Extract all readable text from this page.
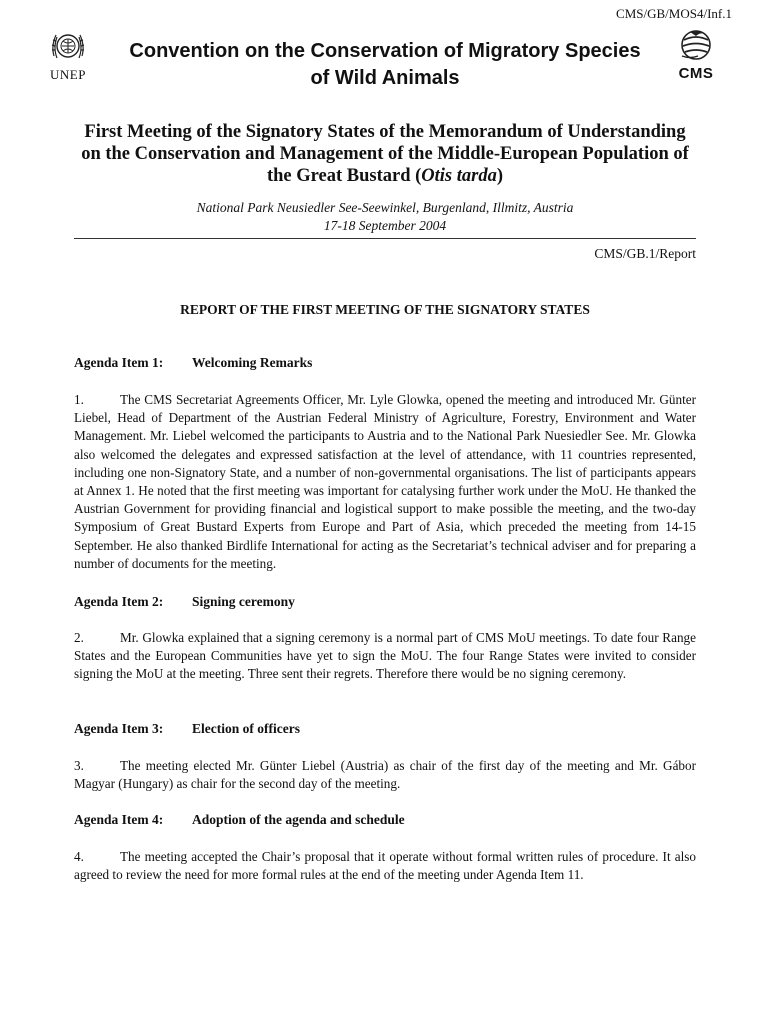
CMS/GB/MOS4/Inf.1
UNEP	CMS
Convention on the Conservation of Migratory Species
of Wild Animals
First Meeting of the Signatory States of the Memorandum of Understanding
on the Conservation and Management of the Middle-European Population of
the Great Bustard (Otis tarda)
National Park Neusiedler See-Seewinkel, Burgenland, Illmitz, Austria
17-18 September 2004
CMS/GB.1/Report
REPORT OF THE FIRST MEETING OF THE SIGNATORY STATES
Agenda Item 1: Welcoming Remarks
1.	The CMS Secretariat Agreements Officer, Mr. Lyle Glowka, opened the meeting and introduced Mr. Günter Liebel, Head of Department of the Austrian Federal Ministry of Agriculture, Forestry, Environment and Water Management. Mr. Liebel welcomed the participants to Austria and to the National Park Nuesiedler See. Mr. Glowka also welcomed the delegates and expressed satisfaction at the level of attendance, with 11 countries represented, including one non-Signatory State, and a number of non-governmental organisations. The list of participants appears at Annex 1. He noted that the first meeting was important for catalysing further work under the MoU. He thanked the Austrian Government for providing financial and logistical support to make possible the meeting, and the two-day Symposium of Great Bustard Experts from Europe and Part of Asia, which preceded the meeting from 14-15 September. He also thanked Birdlife International for acting as the Secretariat’s technical adviser and for preparing a number of documents for the meeting.
Agenda Item 2: Signing ceremony
2.	Mr. Glowka explained that a signing ceremony is a normal part of CMS MoU meetings. To date four Range States and the European Communities have yet to sign the MoU. The four Range States were invited to consider signing the MoU at the meeting. Three sent their regrets. Therefore there would be no signing ceremony.
Agenda Item 3: Election of officers
3.	The meeting elected Mr. Günter Liebel (Austria) as chair of the first day of the meeting and Mr. Gábor Magyar (Hungary) as chair for the second day of the meeting.
Agenda Item 4: Adoption of the agenda and schedule
4.	The meeting accepted the Chair’s proposal that it operate without formal written rules of procedure. It also agreed to review the need for more formal rules at the end of the meeting under Agenda Item 11.
